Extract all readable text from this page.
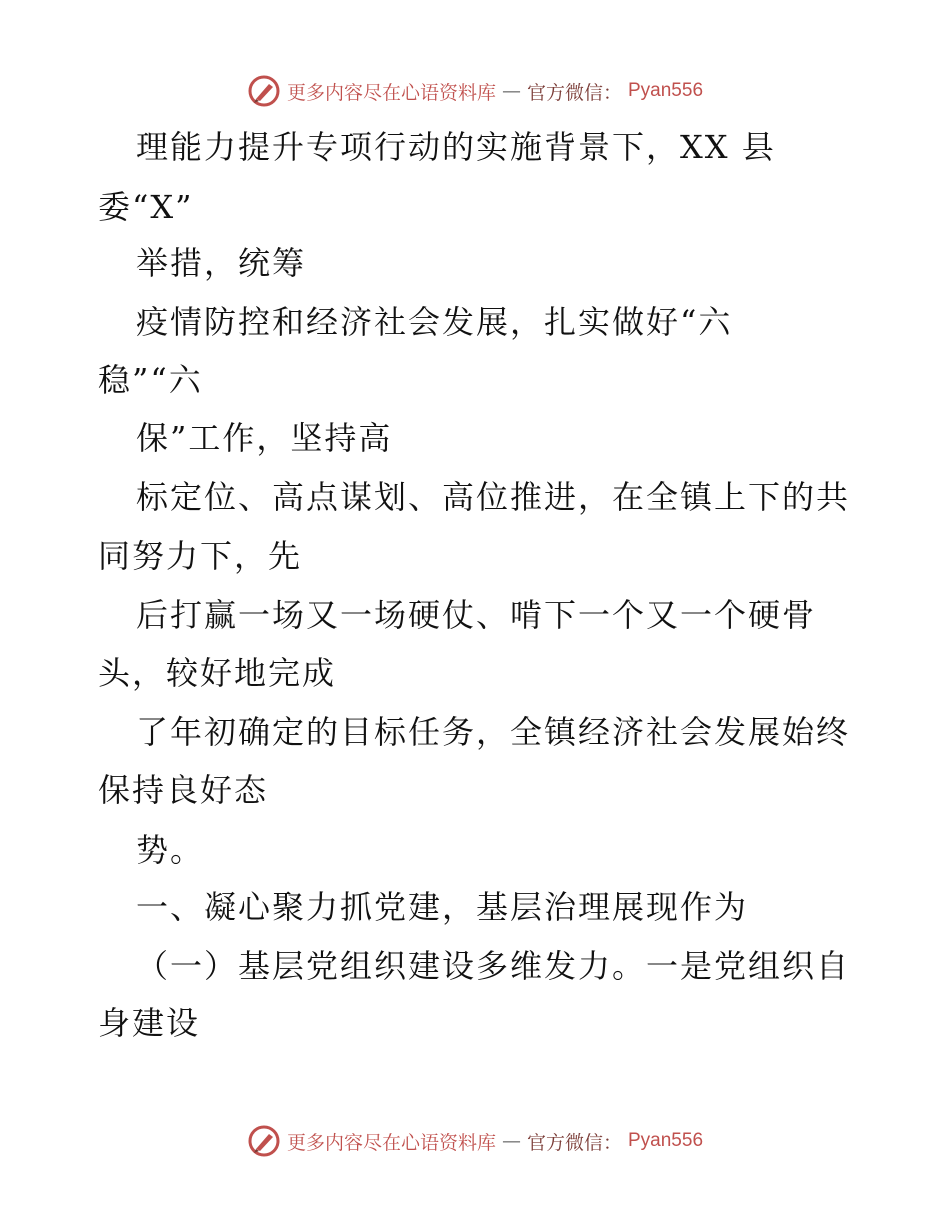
更多内容尽在心语资料库 — 官方微信： Pyan556
理能力提升专项行动的实施背景下，XX 县
委“X”
举措，统筹
疫情防控和经济社会发展，扎实做好“六
稳”“六
保”工作，坚持高
标定位、高点谋划、高位推进，在全镇上下的共
同努力下，先
后打赢一场又一场硬仗、啃下一个又一个硬骨
头，较好地完成
了年初确定的目标任务，全镇经济社会发展始终
保持良好态
势。
一、凝心聚力抓党建，基层治理展现作为
（一）基层党组织建设多维发力。一是党组织自
身建设
更多内容尽在心语资料库 — 官方微信： Pyan556
